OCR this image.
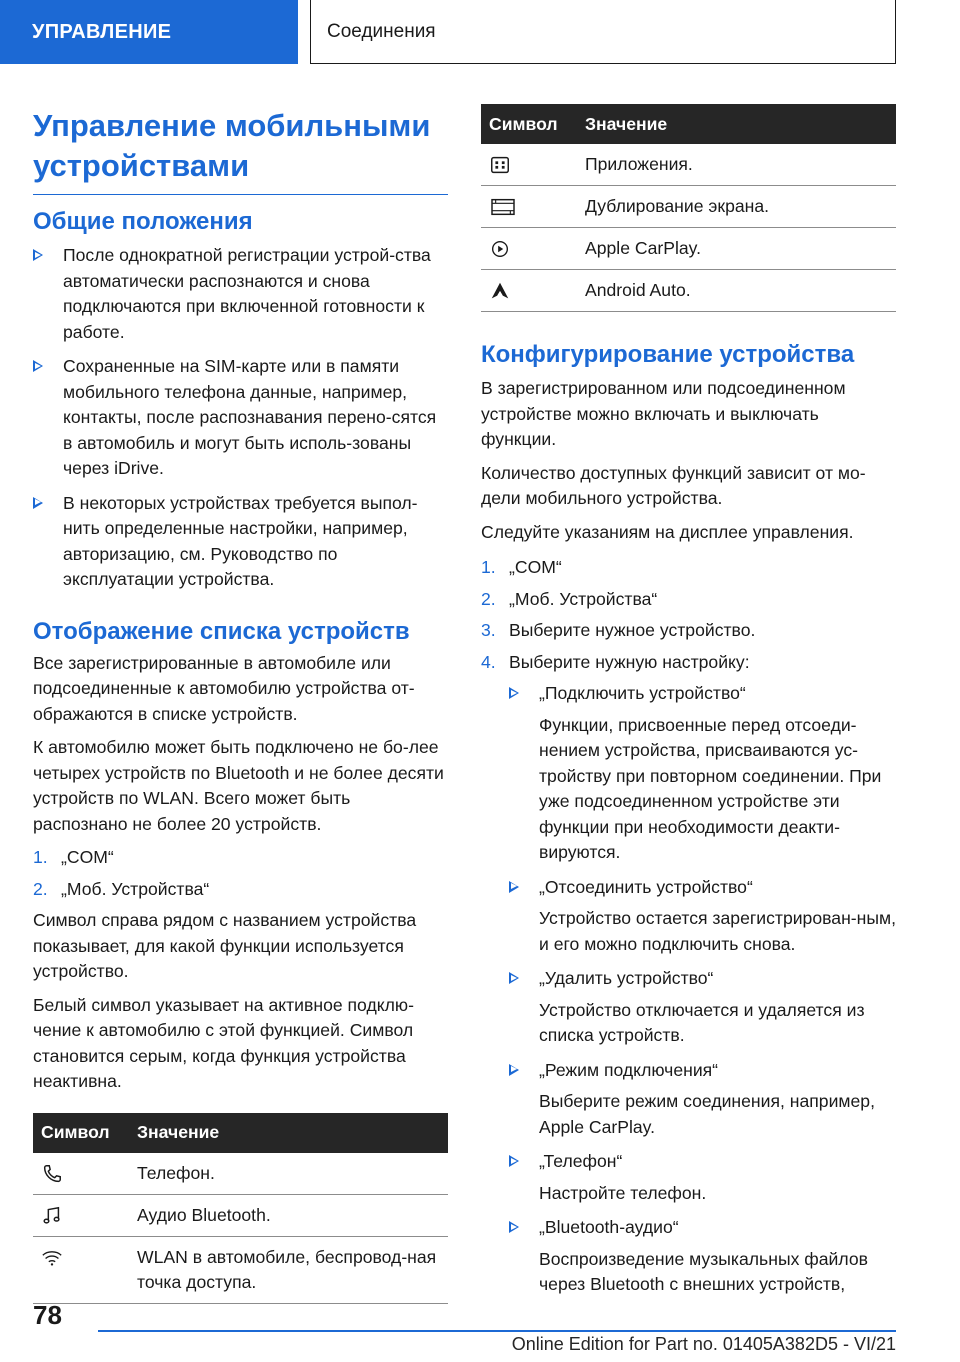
УПРАВЛЕНИЕ	Соединения
Управление мобильными устройствами
Общие положения
После однократной регистрации устрой-ства автоматически распознаются и снова подключаются при включенной готовности к работе.
Сохраненные на SIM-карте или в памяти мобильного телефона данные, например, контакты, после распознавания перено-сятся в автомобиль и могут быть исполь-зованы через iDrive.
В некоторых устройствах требуется выпол-нить определенные настройки, например, авторизацию, см. Руководство по эксплуатации устройства.
Отображение списка устройств

Все зарегистрированные в автомобиле или подсоединенные к автомобилю устройства от-ображаются в списке устройств.

К автомобилю может быть подключено не бо-лее четырех устройств по Bluetooth и не более десяти устройств по WLAN. Всего может быть распознано не более 20 устройств.

1. „COM“
2. „Моб. Устройства“

Символ справа рядом с названием устройства показывает, для какой функции используется устройство.

Белый символ указывает на активное подклю-чение к автомобилю с этой функцией. Символ становится серым, когда функция устройства неактивна.

Символ	Значение
	Телефон.
	Аудио Bluetooth.
	WLAN в автомобиле, беспровод-ная точка доступа.
Символ	Значение
	Приложения.
	Дублирование экрана.
	Apple CarPlay.
	Android Auto.
Конфигурирование устройства

В зарегистрированном или подсоединенном устройстве можно включать и выключать функции.

Количество доступных функций зависит от мо-дели мобильного устройства.

Следуйте указаниям на дисплее управления.

1. „COM“
2. „Моб. Устройства“
3. Выберите нужное устройство.
4. Выберите нужную настройку:
„Подключить устройство“
Функции, присвоенные перед отсоеди-нением устройства, присваиваются ус-тройству при повторном соединении. При уже подсоединенном устройстве эти функции при необходимости деакти-вируются.
„Отсоединить устройство“
Устройство остается зарегистрирован-ным, и его можно подключить снова.
„Удалить устройство“
Устройство отключается и удаляется из списка устройств.
„Режим подключения“
Выберите режим соединения, например, Apple CarPlay.
„Телефон“
Настройте телефон.
„Bluetooth-аудио“
Воспроизведение музыкальных файлов через Bluetooth с внешних устройств,
78
Online Edition for Part no. 01405A382D5 - VI/21
